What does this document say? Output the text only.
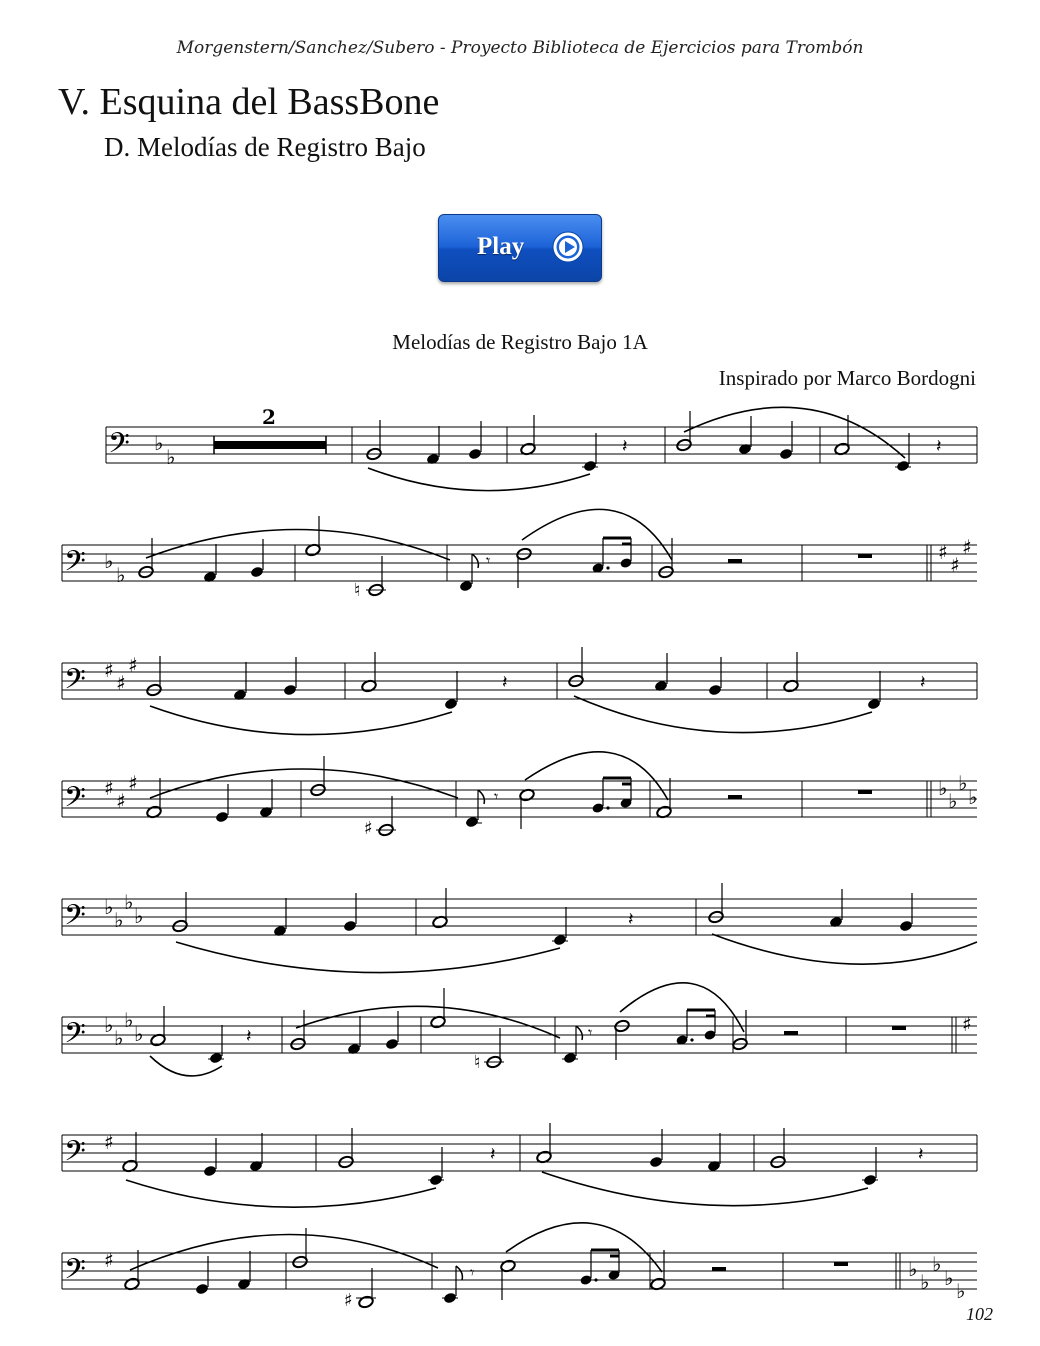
Morgenstern/Sanchez/Subero - Proyecto Biblioteca de Ejercicios para Trombón
V. Esquina del BassBone
D. Melodías de Registro Bajo
Play
Melodías de Registro Bajo 1A
Inspirado por Marco Bordogni
𝄢 ♭
♭
2
𝄽	𝄽
𝄢 ♭
♭
♮
𝄾	♯
♯
♯
𝄢 ♯
♯
♯
𝄽	𝄽
𝄢 ♯
♯
♯
♯
𝄾	♭
♭
♭
♭
𝄢 ♭
♭
♭
♭	𝄽
𝄢 ♭
♭
♭
♭	𝄽
♮
𝄾	♯
𝄢 ♯
𝄽	𝄽
𝄢 ♯
♯
𝄾	♭
♭
♭
♭
♭
102
